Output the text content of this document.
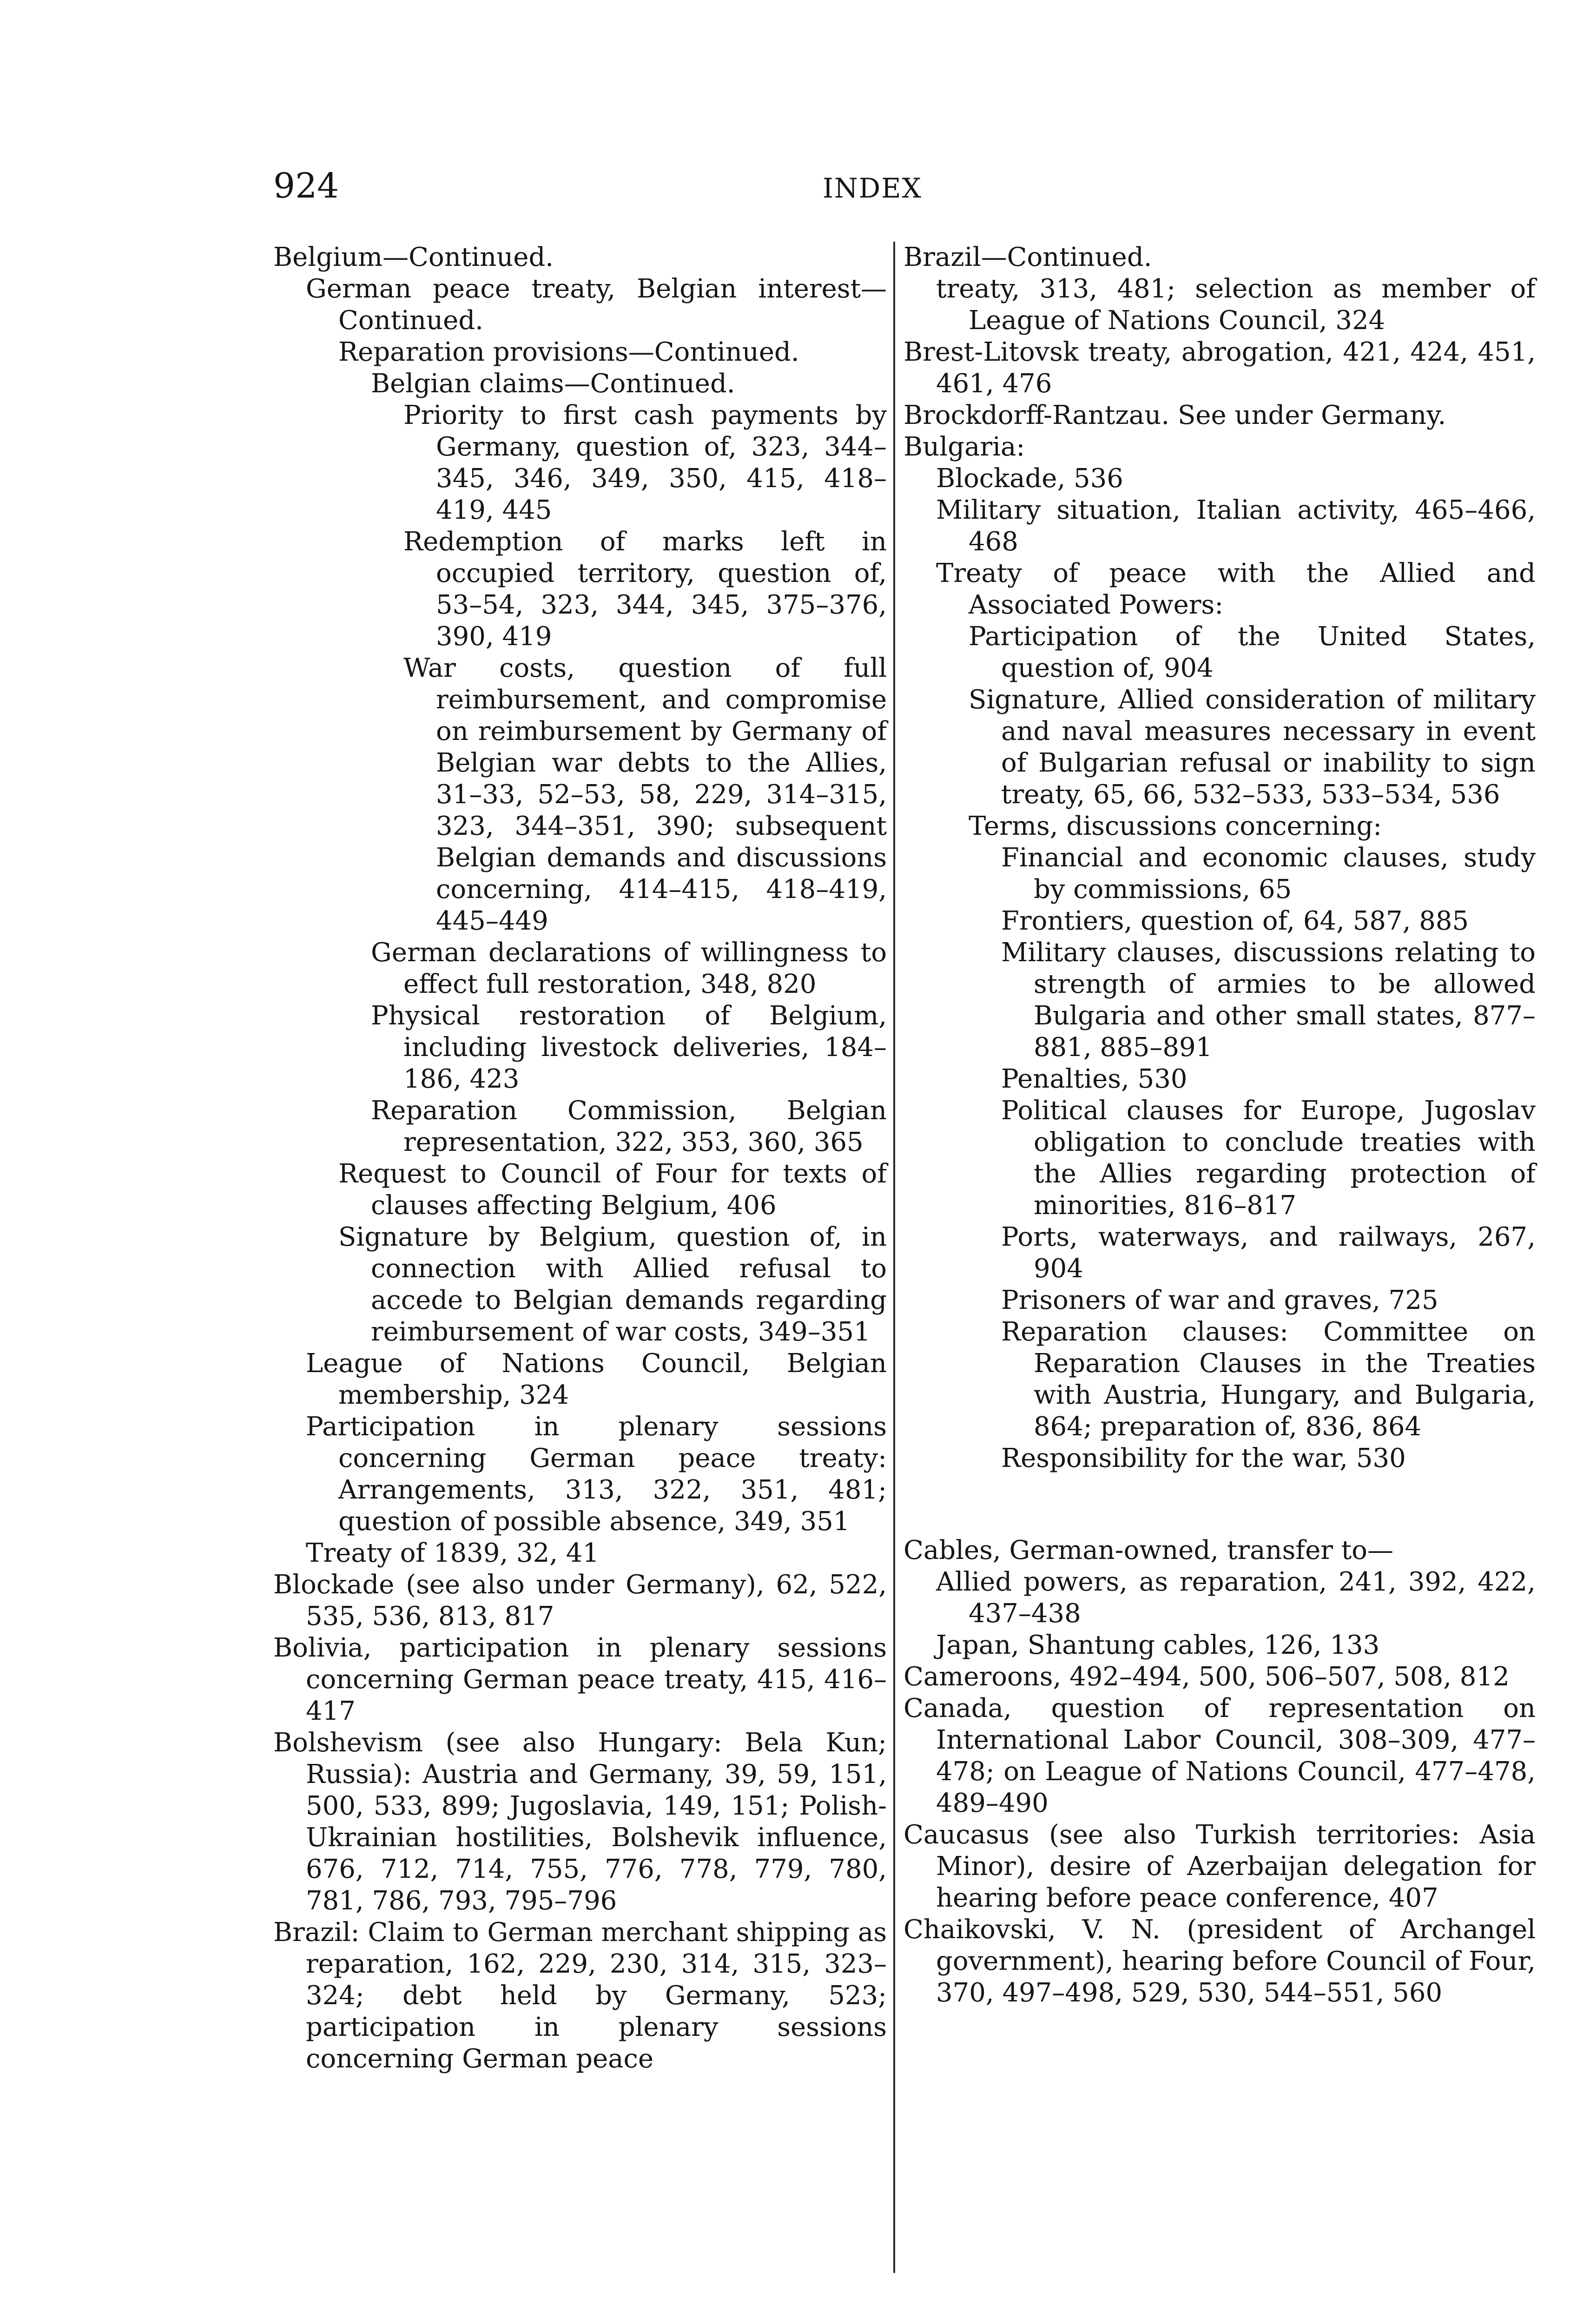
924	INDEX

Belgium—Continued.

German peace treaty, Belgian interest—Continued.

Reparation provisions—Continued.

Belgian claims—Continued.

Priority to first cash payments by Germany, question of, 323, 344–345, 346, 349, 350, 415, 418–419, 445

Redemption of marks left in occupied territory, question of, 53–54, 323, 344, 345, 375–376, 390, 419

War costs, question of full reimbursement, and compromise on reimbursement by Germany of Belgian war debts to the Allies, 31–33, 52–53, 58, 229, 314–315, 323, 344–351, 390; subsequent Belgian demands and discussions concerning, 414–415, 418–419, 445–449

German declarations of willingness to effect full restoration, 348, 820

Physical restoration of Belgium, including livestock deliveries, 184–186, 423

Reparation Commission, Belgian representation, 322, 353, 360, 365

Request to Council of Four for texts of clauses affecting Belgium, 406

Signature by Belgium, question of, in connection with Allied refusal to accede to Belgian demands regarding reimbursement of war costs, 349–351

League of Nations Council, Belgian membership, 324

Participation in plenary sessions concerning German peace treaty: Arrangements, 313, 322, 351, 481; question of possible absence, 349, 351

Treaty of 1839, 32, 41

Blockade (see also under Germany), 62, 522, 535, 536, 813, 817

Bolivia, participation in plenary sessions concerning German peace treaty, 415, 416–417

Bolshevism (see also Hungary: Bela Kun; Russia): Austria and Germany, 39, 59, 151, 500, 533, 899; Jugoslavia, 149, 151; Polish-Ukrainian hostilities, Bolshevik influence, 676, 712, 714, 755, 776, 778, 779, 780, 781, 786, 793, 795–796

Brazil: Claim to German merchant shipping as reparation, 162, 229, 230, 314, 315, 323–324; debt held by Germany, 523; participation in plenary sessions concerning German peace

Brazil—Continued.

treaty, 313, 481; selection as member of League of Nations Council, 324

Brest-Litovsk treaty, abrogation, 421, 424, 451, 461, 476

Brockdorff-Rantzau. See under Germany.

Bulgaria:

Blockade, 536

Military situation, Italian activity, 465–466, 468

Treaty of peace with the Allied and Associated Powers:

Participation of the United States, question of, 904

Signature, Allied consideration of military and naval measures necessary in event of Bulgarian refusal or inability to sign treaty, 65, 66, 532–533, 533–534, 536

Terms, discussions concerning:

Financial and economic clauses, study by commissions, 65

Frontiers, question of, 64, 587, 885

Military clauses, discussions relating to strength of armies to be allowed Bulgaria and other small states, 877–881, 885–891

Penalties, 530

Political clauses for Europe, Jugoslav obligation to conclude treaties with the Allies regarding protection of minorities, 816–817

Ports, waterways, and railways, 267, 904

Prisoners of war and graves, 725

Reparation clauses: Committee on Reparation Clauses in the Treaties with Austria, Hungary, and Bulgaria, 864; preparation of, 836, 864

Responsibility for the war, 530

Cables, German-owned, transfer to—

Allied powers, as reparation, 241, 392, 422, 437–438

Japan, Shantung cables, 126, 133

Cameroons, 492–494, 500, 506–507, 508, 812

Canada, question of representation on International Labor Council, 308–309, 477–478; on League of Nations Council, 477–478, 489–490

Caucasus (see also Turkish territories: Asia Minor), desire of Azerbaijan delegation for hearing before peace conference, 407

Chaikovski, V. N. (president of Archangel government), hearing before Council of Four, 370, 497–498, 529, 530, 544–551, 560
